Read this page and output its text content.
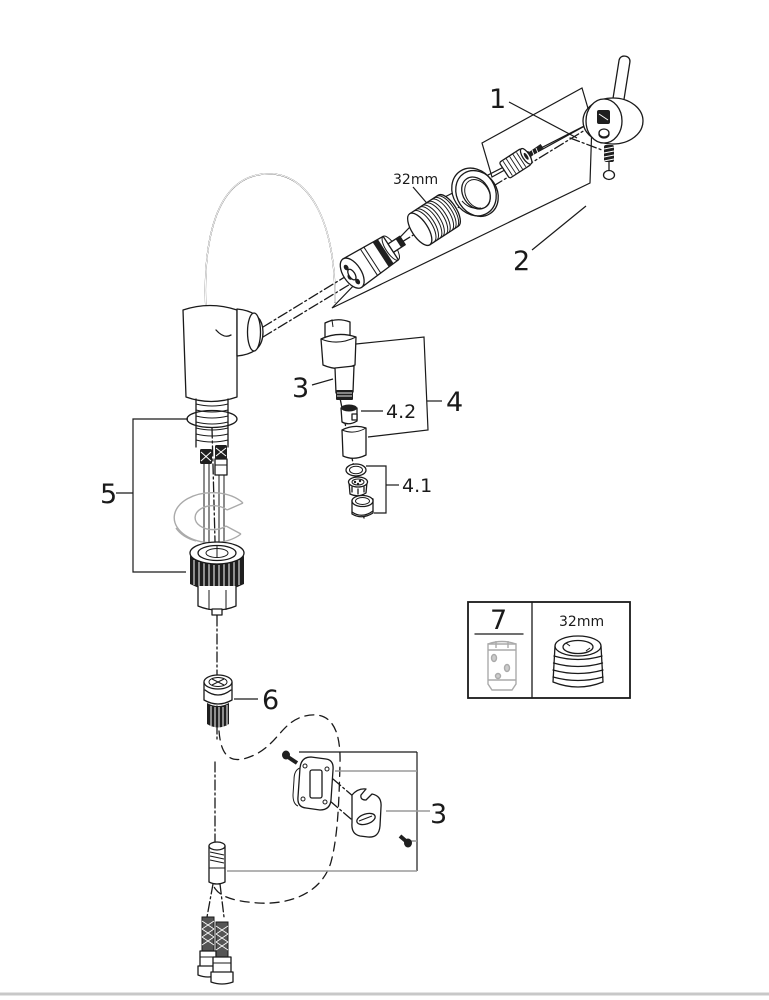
1
2
3	4
4.2
4.1
5
6
3
7
32mm
32mm
